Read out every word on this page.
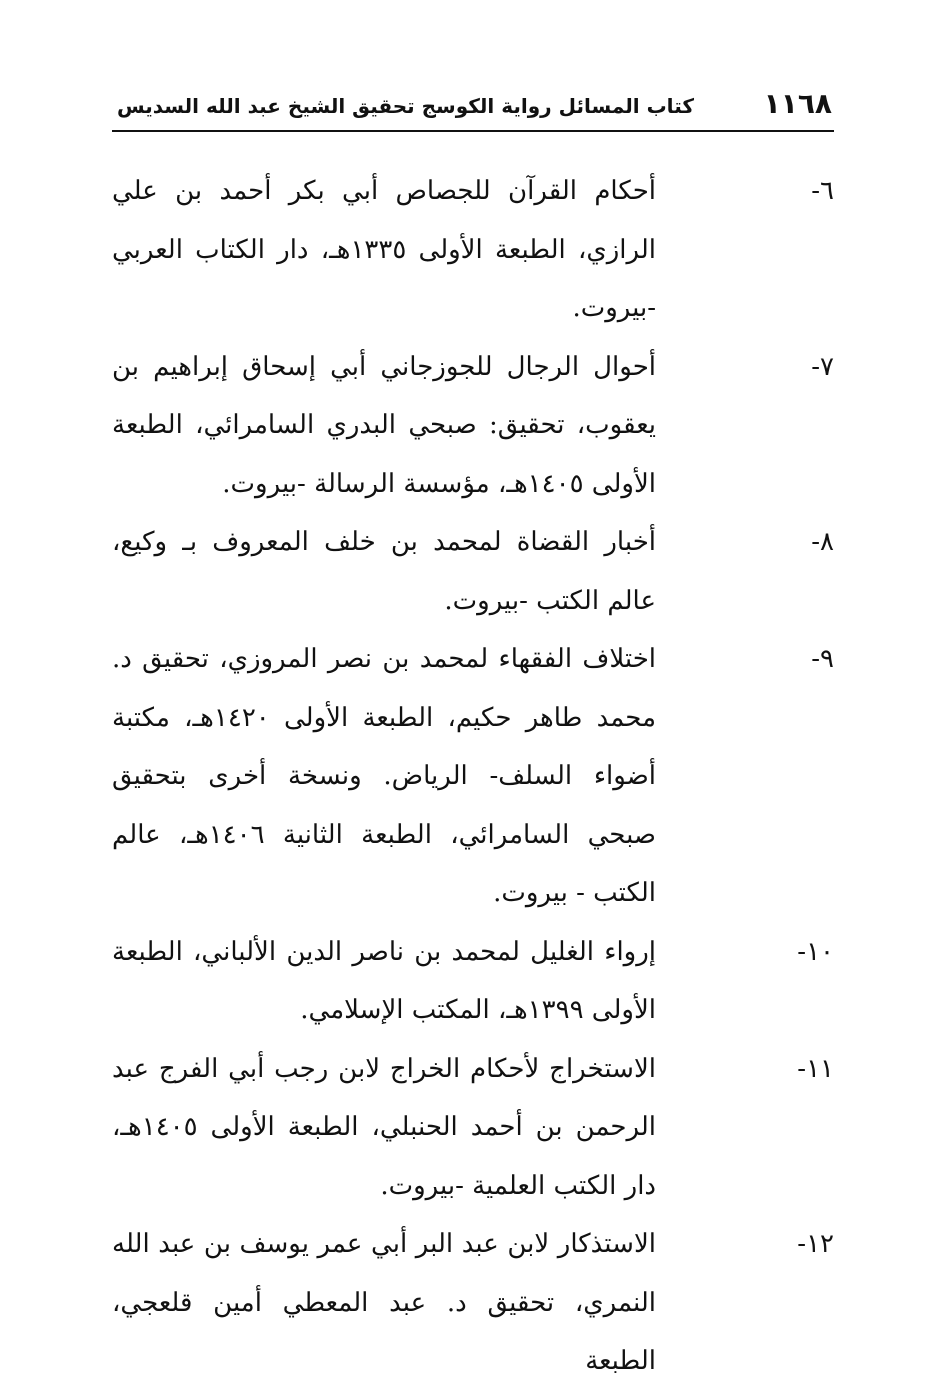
١١٦٨
كتاب المسائل رواية الكوسج تحقيق الشيخ عبد الله السديس
٦-
أحكام القرآن للجصاص أبي بكر أحمد بن علي الرازي، الطبعة الأولى ١٣٣٥هـ، دار الكتاب العربي -بيروت.
٧-
أحوال الرجال للجوزجاني أبي إسحاق إبراهيم بن يعقوب، تحقيق: صبحي البدري السامرائي، الطبعة الأولى ١٤٠٥هـ، مؤسسة الرسالة -بيروت.
٨-
أخبار القضاة لمحمد بن خلف المعروف بـ وكيع، عالم الكتب -بيروت.
٩-
اختلاف الفقهاء لمحمد بن نصر المروزي، تحقيق د. محمد طاهر حكيم، الطبعة الأولى ١٤٢٠هـ، مكتبة أضواء السلف- الرياض. ونسخة أخرى بتحقيق صبحي السامرائي، الطبعة الثانية ١٤٠٦هـ، عالم الكتب - بيروت.
١٠-
إرواء الغليل لمحمد بن ناصر الدين الألباني، الطبعة الأولى ١٣٩٩هـ، المكتب الإسلامي.
١١-
الاستخراج لأحكام الخراج لابن رجب أبي الفرج عبد الرحمن بن أحمد الحنبلي، الطبعة الأولى ١٤٠٥هـ، دار الكتب العلمية -بيروت.
١٢-
الاستذكار لابن عبد البر أبي عمر يوسف بن عبد الله النمري، تحقيق د. عبد المعطي أمين قلعجي، الطبعة
